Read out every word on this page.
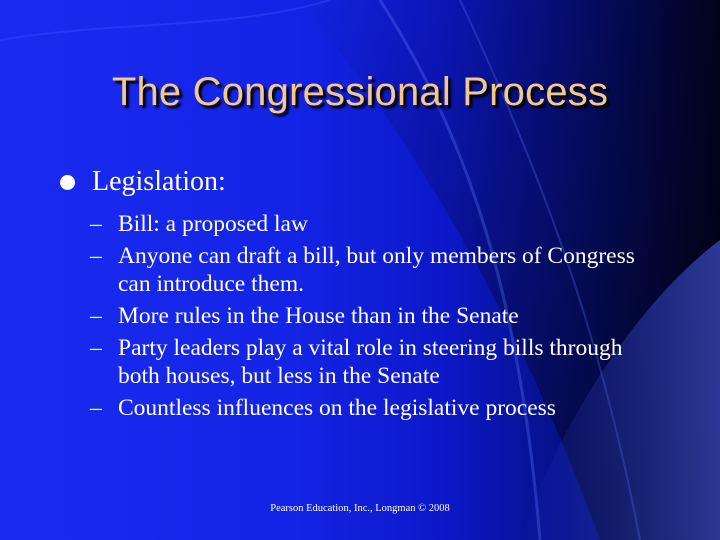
The Congressional Process
Legislation:
– Bill: a proposed law
– Anyone can draft a bill, but only members of Congress can introduce them.
– More rules in the House than in the Senate
– Party leaders play a vital role in steering bills through both houses, but less in the Senate
– Countless influences on the legislative process
Pearson Education, Inc., Longman © 2008
